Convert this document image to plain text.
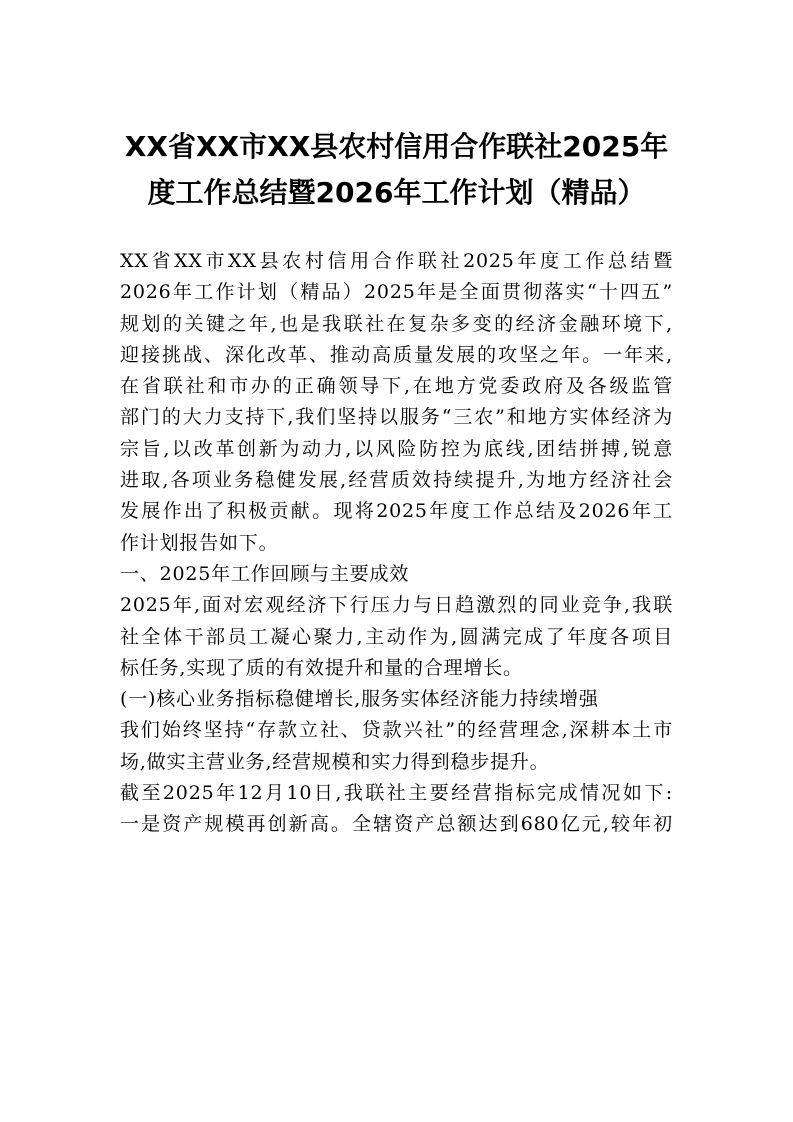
XX省XX市XX县农村信用合作联社2025年
度工作总结暨2026年工作计划（精品）
XX省XX市XX县农村信用合作联社2025年度工作总结暨
2026年工作计划（精品）2025年是全面贯彻落实“十四五”
规划的关键之年,也是我联社在复杂多变的经济金融环境下,
迎接挑战、深化改革、推动高质量发展的攻坚之年。一年来,
在省联社和市办的正确领导下,在地方党委政府及各级监管
部门的大力支持下,我们坚持以服务“三农”和地方实体经济为
宗旨,以改革创新为动力,以风险防控为底线,团结拼搏,锐意
进取,各项业务稳健发展,经营质效持续提升,为地方经济社会
发展作出了积极贡献。现将2025年度工作总结及2026年工
作计划报告如下。
一、2025年工作回顾与主要成效
2025年,面对宏观经济下行压力与日趋激烈的同业竞争,我联
社全体干部员工凝心聚力,主动作为,圆满完成了年度各项目
标任务,实现了质的有效提升和量的合理增长。
(一)核心业务指标稳健增长,服务实体经济能力持续增强
我们始终坚持“存款立社、贷款兴社”的经营理念,深耕本土市
场,做实主营业务,经营规模和实力得到稳步提升。
截至2025年12月10日,我联社主要经营指标完成情况如下:
一是资产规模再创新高。全辖资产总额达到680亿元,较年初
